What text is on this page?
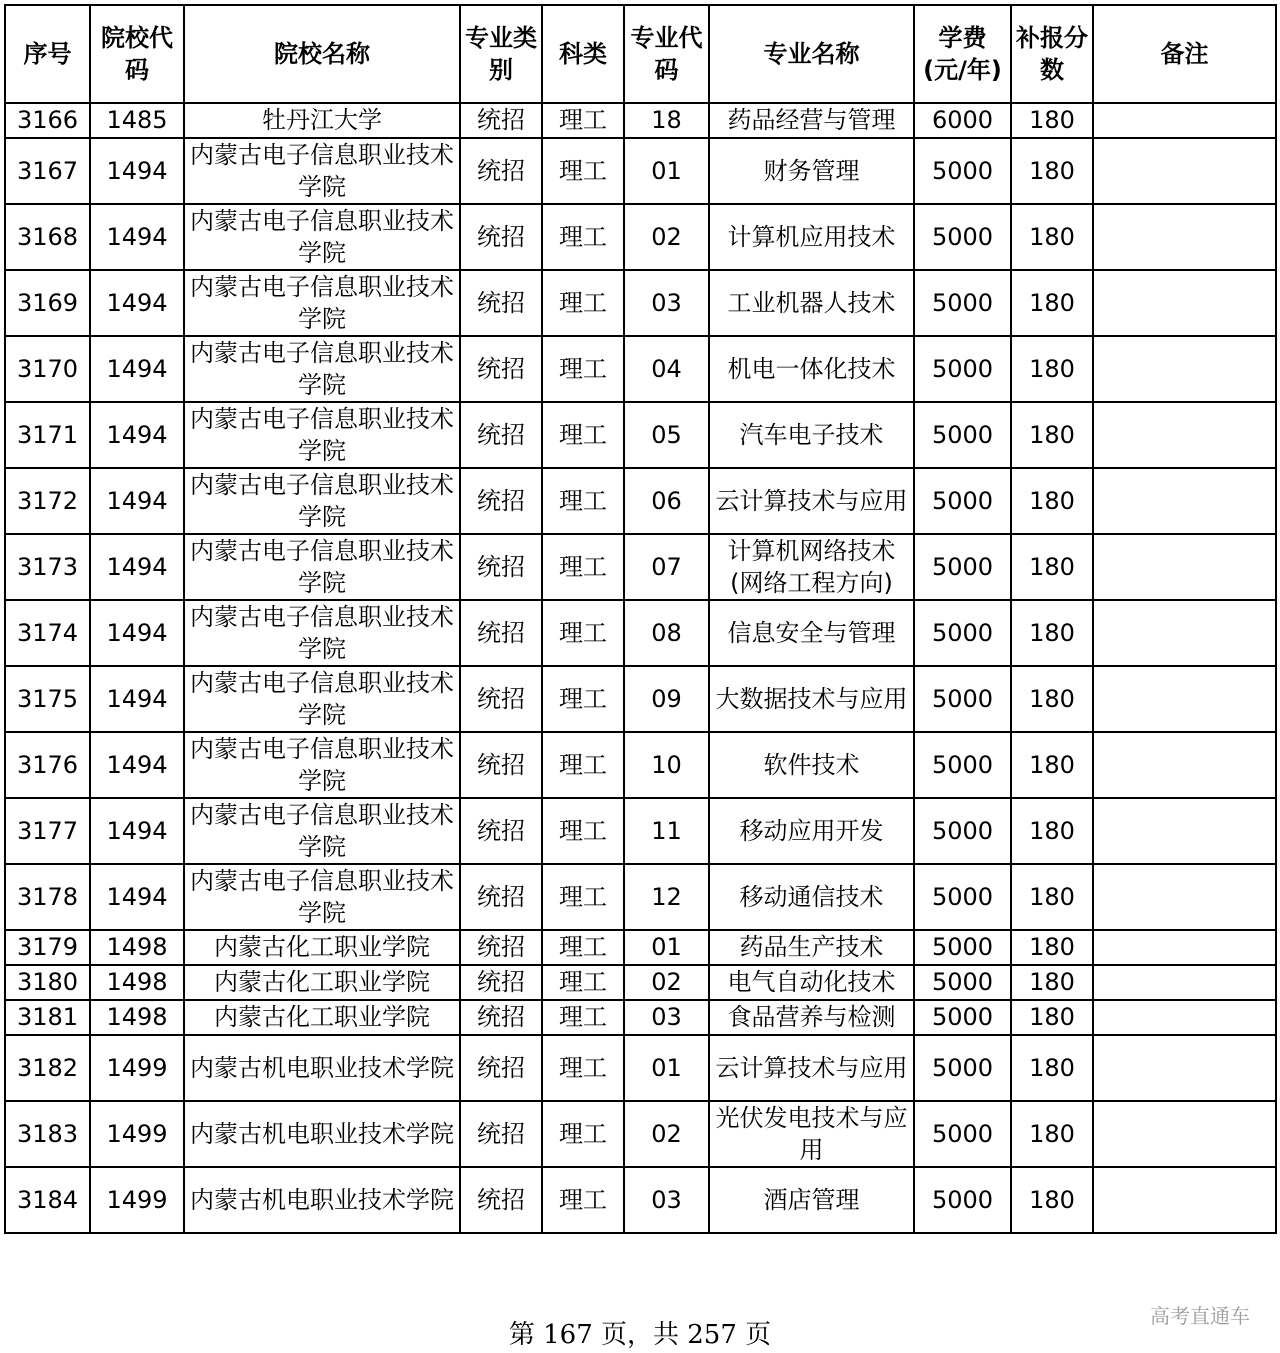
序号	院校代码	院校名称	专业类别	科类	专业代码	专业名称	学费(元/年)	补报分数	备注
3166	1485	牡丹江大学	统招	理工	18	药品经营与管理	6000	180	
3167	1494	内蒙古电子信息职业技术学院	统招	理工	01	财务管理	5000	180	
3168	1494	内蒙古电子信息职业技术学院	统招	理工	02	计算机应用技术	5000	180	
3169	1494	内蒙古电子信息职业技术学院	统招	理工	03	工业机器人技术	5000	180	
3170	1494	内蒙古电子信息职业技术学院	统招	理工	04	机电一体化技术	5000	180	
3171	1494	内蒙古电子信息职业技术学院	统招	理工	05	汽车电子技术	5000	180	
3172	1494	内蒙古电子信息职业技术学院	统招	理工	06	云计算技术与应用	5000	180	
3173	1494	内蒙古电子信息职业技术学院	统招	理工	07	计算机网络技术(网络工程方向)	5000	180	
3174	1494	内蒙古电子信息职业技术学院	统招	理工	08	信息安全与管理	5000	180	
3175	1494	内蒙古电子信息职业技术学院	统招	理工	09	大数据技术与应用	5000	180	
3176	1494	内蒙古电子信息职业技术学院	统招	理工	10	软件技术	5000	180	
3177	1494	内蒙古电子信息职业技术学院	统招	理工	11	移动应用开发	5000	180	
3178	1494	内蒙古电子信息职业技术学院	统招	理工	12	移动通信技术	5000	180	
3179	1498	内蒙古化工职业学院	统招	理工	01	药品生产技术	5000	180	
3180	1498	内蒙古化工职业学院	统招	理工	02	电气自动化技术	5000	180	
3181	1498	内蒙古化工职业学院	统招	理工	03	食品营养与检测	5000	180	
3182	1499	内蒙古机电职业技术学院	统招	理工	01	云计算技术与应用	5000	180	
3183	1499	内蒙古机电职业技术学院	统招	理工	02	光伏发电技术与应用	5000	180	
3184	1499	内蒙古机电职业技术学院	统招	理工	03	酒店管理	5000	180	
第 167 页，共 257 页
高考直通车
